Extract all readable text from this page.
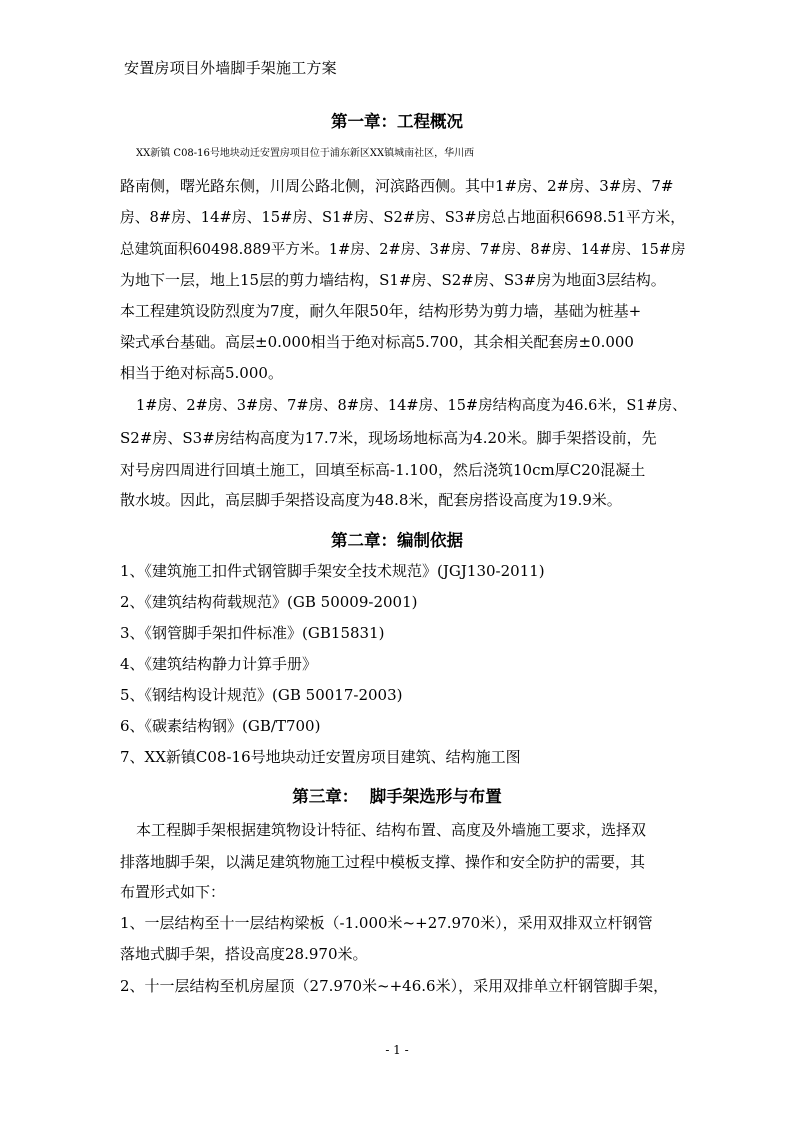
安置房项目外墙脚手架施工方案
第一章：工程概况
XX新镇 C08-16号地块动迁安置房项目位于浦东新区XX镇城南社区，华川西
路南侧，曙光路东侧，川周公路北侧，河滨路西侧。其中1#房、2#房、3#房、7#
房、8#房、14#房、15#房、S1#房、S2#房、S3#房总占地面积6698.51平方米，
总建筑面积60498.889平方米。1#房、2#房、3#房、7#房、8#房、14#房、15#房
为地下一层，地上15层的剪力墙结构，S1#房、S2#房、S3#房为地面3层结构。
本工程建筑设防烈度为7度，耐久年限50年，结构形势为剪力墙，基础为桩基+
梁式承台基础。高层±0.000相当于绝对标高5.700，其余相关配套房±0.000
相当于绝对标高5.000。
1#房、2#房、3#房、7#房、8#房、14#房、15#房结构高度为46.6米，S1#房、
S2#房、S3#房结构高度为17.7米，现场场地标高为4.20米。脚手架搭设前，先
对号房四周进行回填土施工，回填至标高-1.100，然后浇筑10cm厚C20混凝土
散水坡。因此，高层脚手架搭设高度为48.8米，配套房搭设高度为19.9米。
第二章：编制依据
1、《建筑施工扣件式钢管脚手架安全技术规范》(JGJ130-2011)
2、《建筑结构荷载规范》(GB 50009-2001)
3、《钢管脚手架扣件标准》(GB15831)
4、《建筑结构静力计算手册》
5、《钢结构设计规范》(GB 50017-2003)
6、《碳素结构钢》(GB/T700)
7、XX新镇C08-16号地块动迁安置房项目建筑、结构施工图
第三章：  脚手架选形与布置
本工程脚手架根据建筑物设计特征、结构布置、高度及外墙施工要求，选择双
排落地脚手架，以满足建筑物施工过程中模板支撑、操作和安全防护的需要，其
布置形式如下：
1、一层结构至十一层结构梁板（-1.000米~+27.970米），采用双排双立杆钢管
落地式脚手架，搭设高度28.970米。
2、十一层结构至机房屋顶（27.970米~+46.6米），采用双排单立杆钢管脚手架，
- 1 -
